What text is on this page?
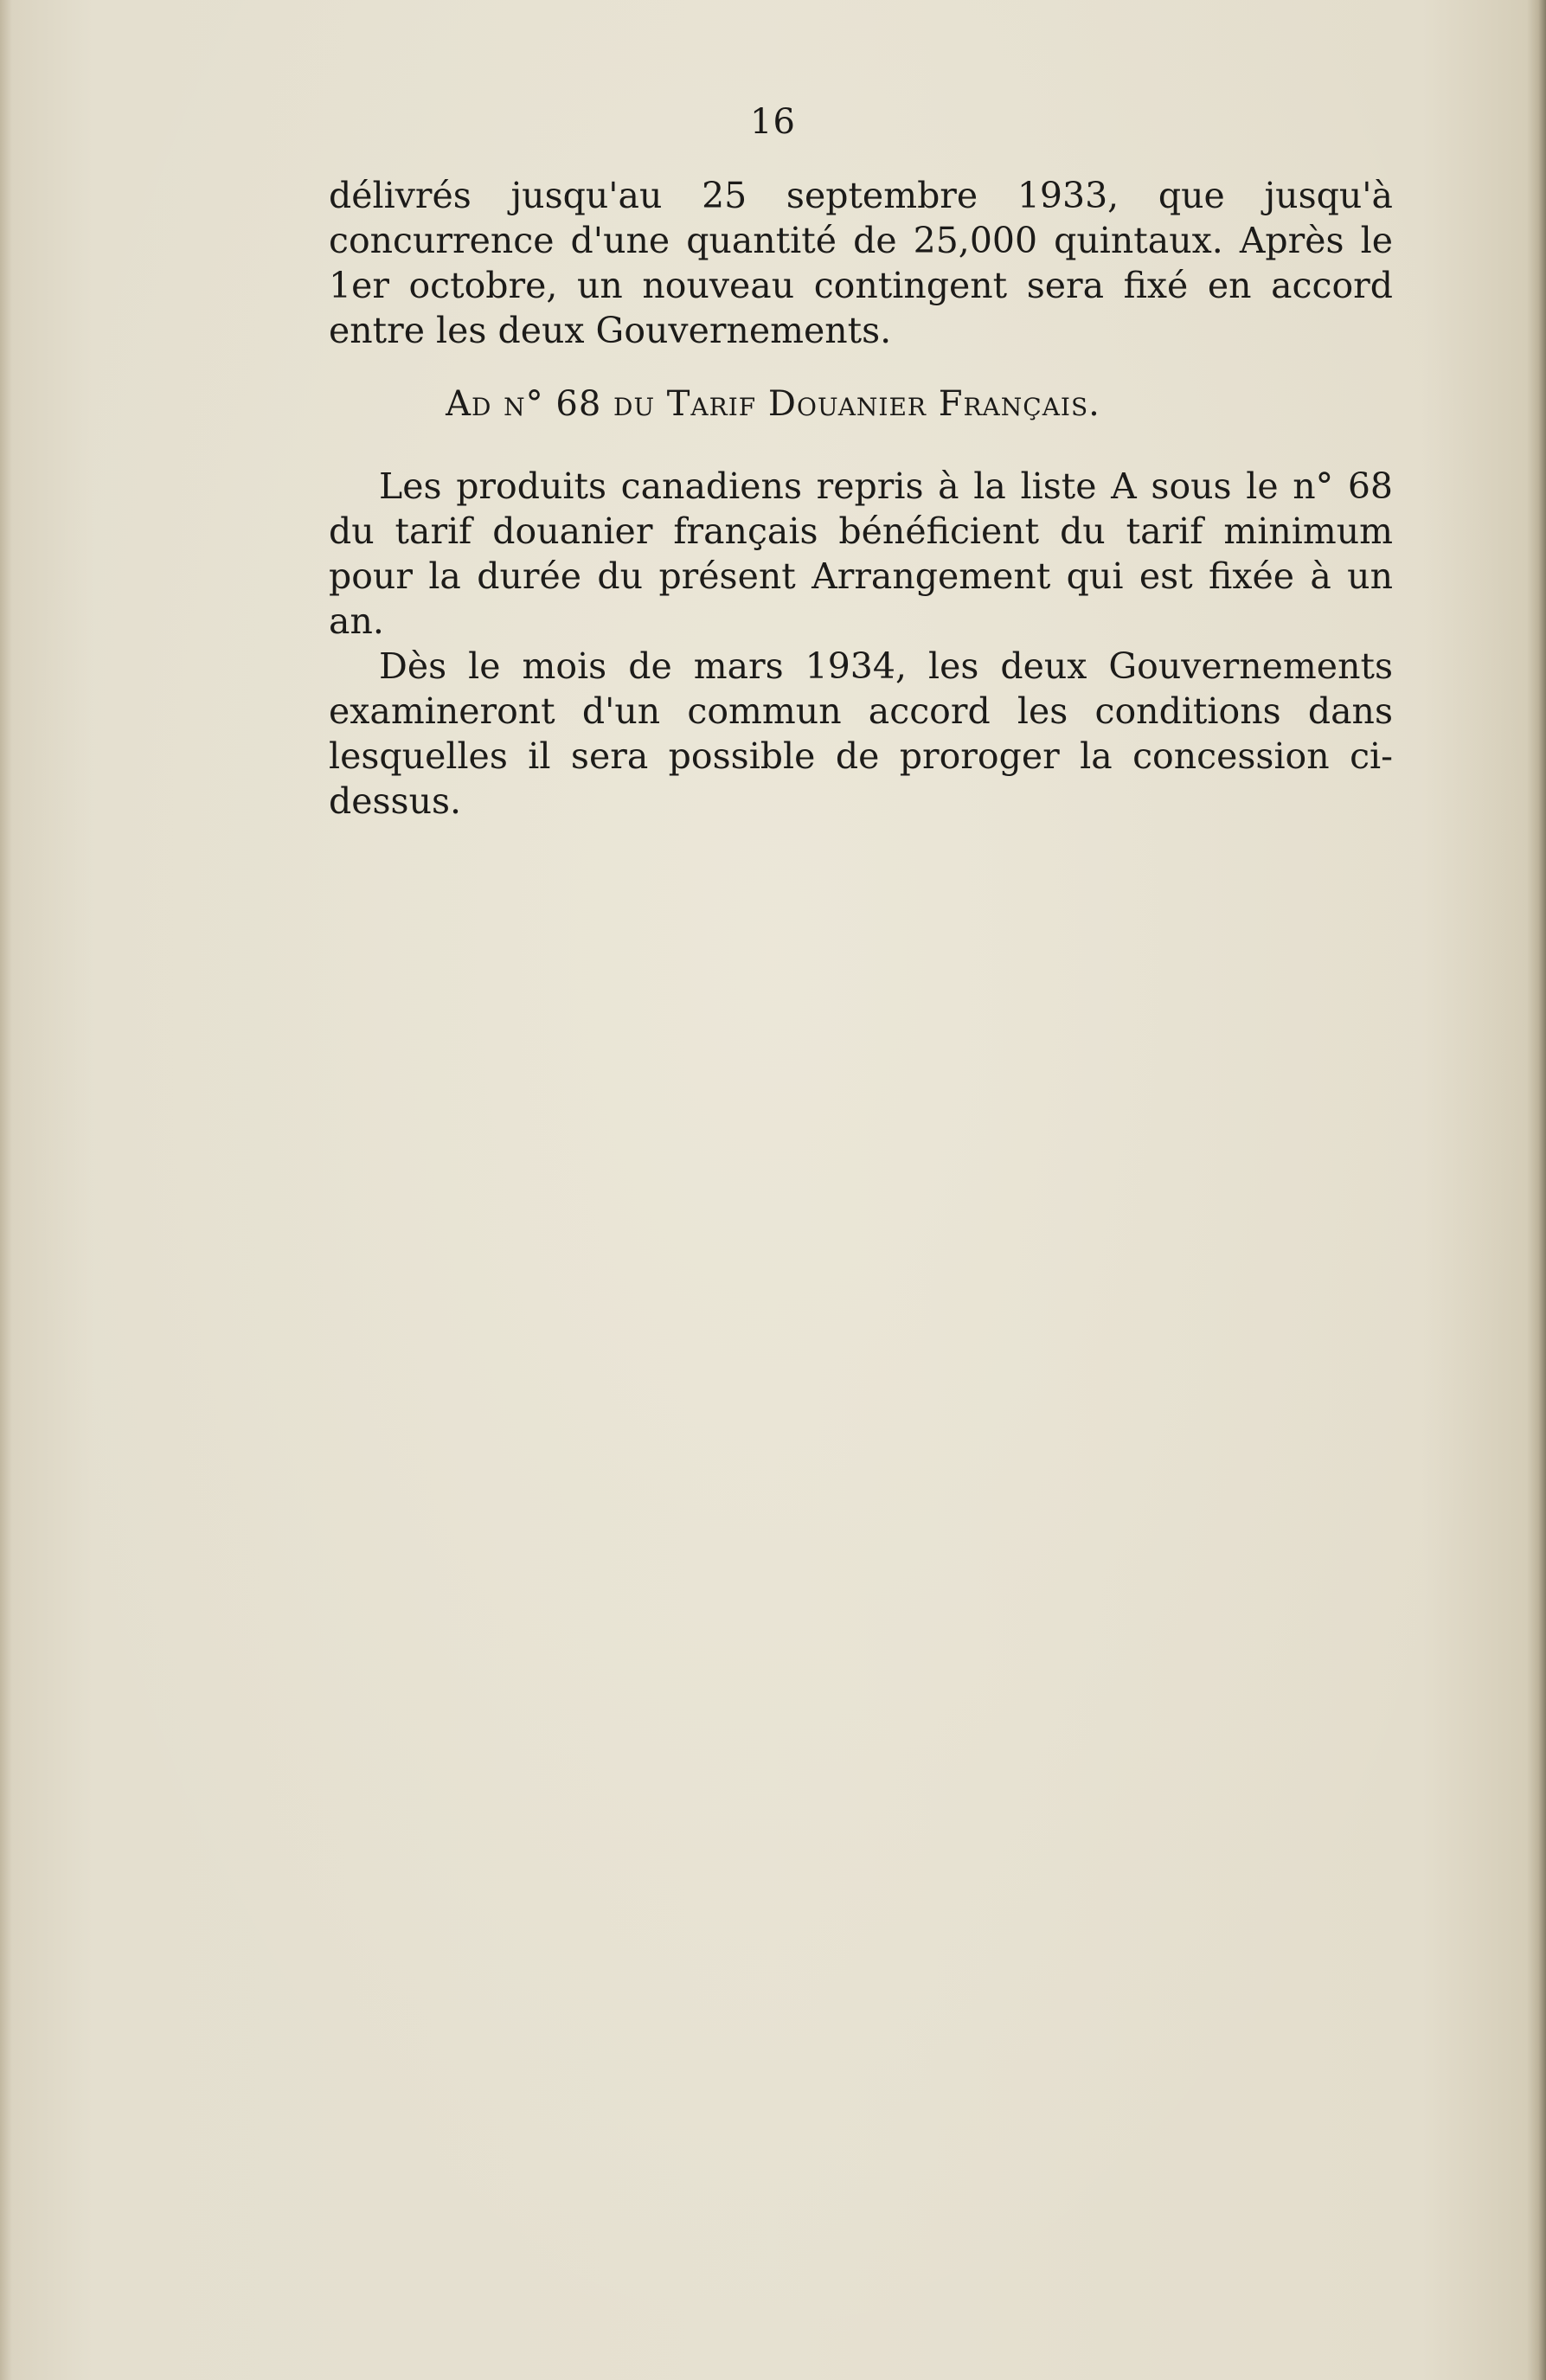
16

délivrés jusqu'au 25 septembre 1933, que jusqu'à concurrence d'une quantité de 25,000 quintaux. Après le 1er octobre, un nouveau contingent sera fixé en accord entre les deux Gouvernements.

Ad n° 68 du Tarif Douanier Français.

Les produits canadiens repris à la liste A sous le n° 68 du tarif douanier français bénéficient du tarif minimum pour la durée du présent Arrangement qui est fixée à un an.

Dès le mois de mars 1934, les deux Gouvernements examineront d'un commun accord les conditions dans lesquelles il sera possible de proroger la concession ci-dessus.
